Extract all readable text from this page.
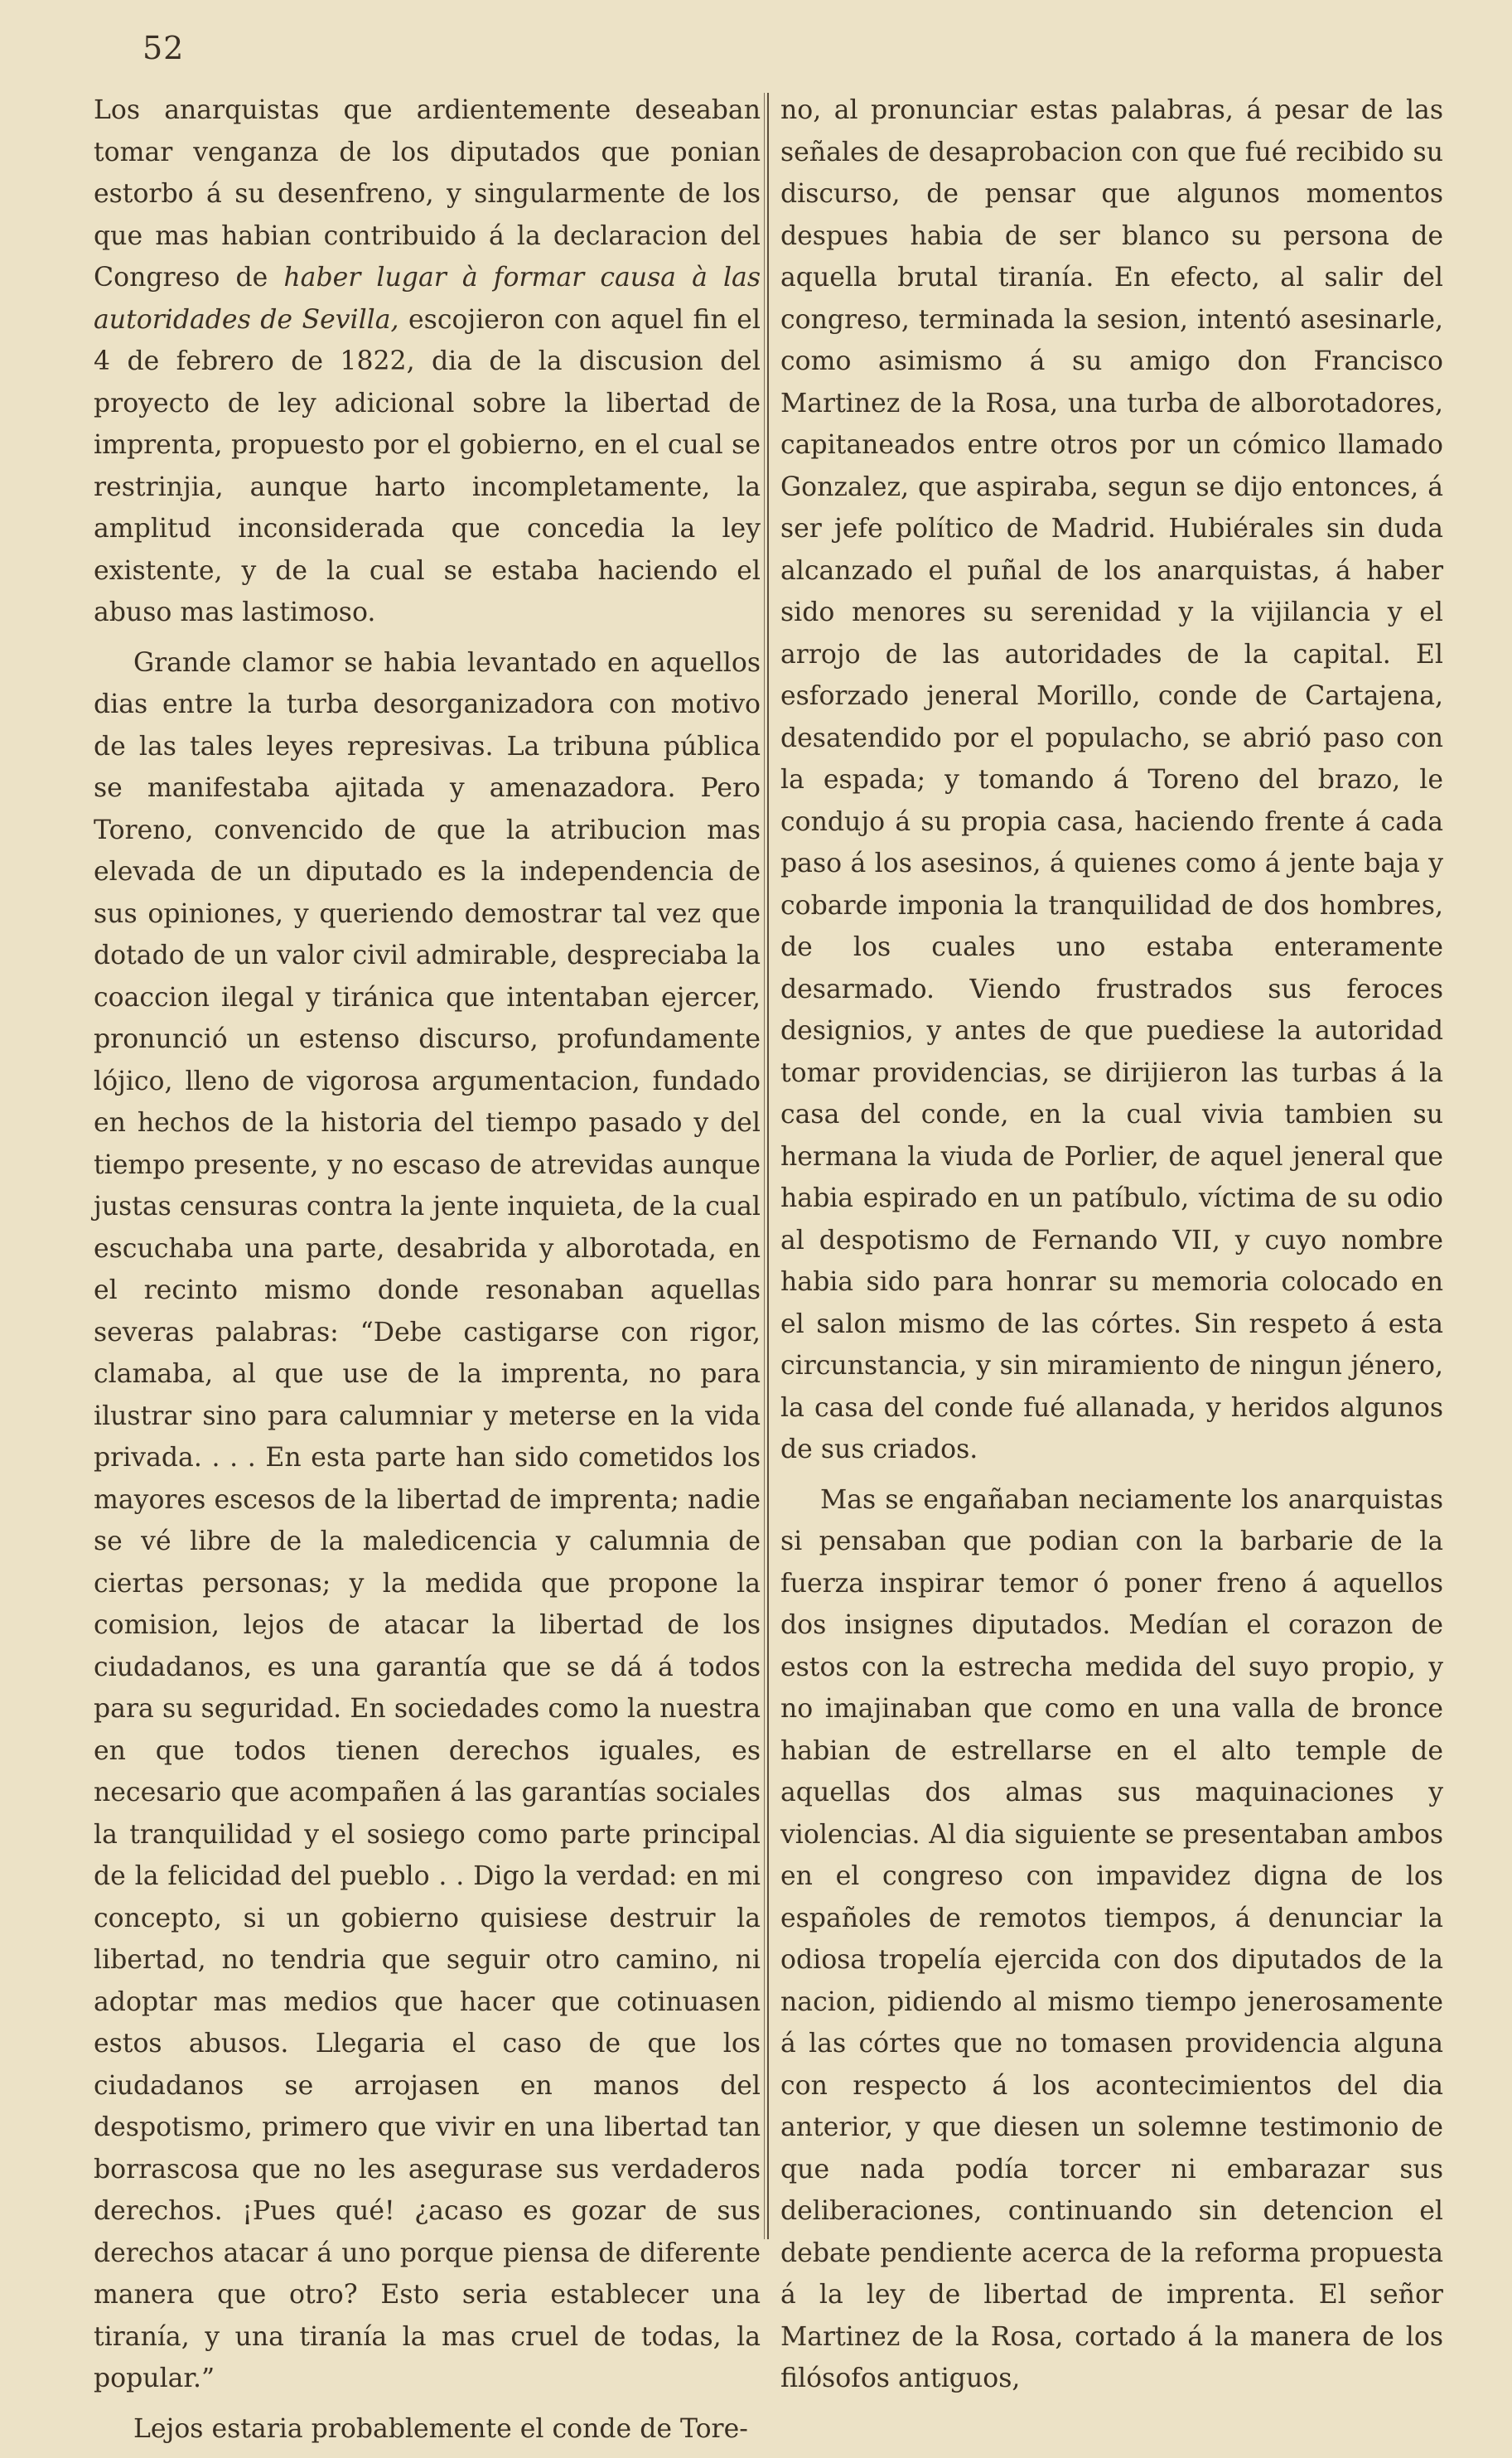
52

Los anarquistas que ardientemente deseaban tomar venganza de los diputados que ponian estorbo á su desenfreno, y singularmente de los que mas habian contribuido á la declaracion del Congreso de haber lugar à formar causa à las autoridades de Sevilla, escojieron con aquel fin el 4 de febrero de 1822, dia de la discusion del proyecto de ley adicional sobre la libertad de imprenta, propuesto por el gobierno, en el cual se restrinjia, aunque harto incompletamente, la amplitud inconsiderada que concedia la ley existente, y de la cual se estaba haciendo el abuso mas lastimoso.

Grande clamor se habia levantado en aquellos dias entre la turba desorganizadora con motivo de las tales leyes represivas. La tribuna pública se manifestaba ajitada y amenazadora. Pero Toreno, convencido de que la atribucion mas elevada de un diputado es la independencia de sus opiniones, y queriendo demostrar tal vez que dotado de un valor civil admirable, despreciaba la coaccion ilegal y tiránica que intentaban ejercer, pronunció un estenso discurso, profundamente lójico, lleno de vigorosa argumentacion, fundado en hechos de la historia del tiempo pasado y del tiempo presente, y no escaso de atrevidas aunque justas censuras contra la jente inquieta, de la cual escuchaba una parte, desabrida y alborotada, en el recinto mismo donde resonaban aquellas severas palabras: “Debe castigarse con rigor, clamaba, al que use de la imprenta, no para ilustrar sino para calumniar y meterse en la vida privada. . . . En esta parte han sido cometidos los mayores escesos de la libertad de imprenta; nadie se vé libre de la maledicencia y calumnia de ciertas personas; y la medida que propone la comision, lejos de atacar la libertad de los ciudadanos, es una garantía que se dá á todos para su seguridad. En sociedades como la nuestra en que todos tienen derechos iguales, es necesario que acompañen á las garantías sociales la tranquilidad y el sosiego como parte principal de la felicidad del pueblo . . Digo la verdad: en mi concepto, si un gobierno quisiese destruir la libertad, no tendria que seguir otro camino, ni adoptar mas medios que hacer que cotinuasen estos abusos. Llegaria el caso de que los ciudadanos se arrojasen en manos del despotismo, primero que vivir en una libertad tan borrascosa que no les asegurase sus verdaderos derechos. ¡Pues qué! ¿acaso es gozar de sus derechos atacar á uno porque piensa de diferente manera que otro? Esto seria establecer una tiranía, y una tiranía la mas cruel de todas, la popular.”

Lejos estaria probablemente el conde de Tore-

no, al pronunciar estas palabras, á pesar de las señales de desaprobacion con que fué recibido su discurso, de pensar que algunos momentos despues habia de ser blanco su persona de aquella brutal tiranía. En efecto, al salir del congreso, terminada la sesion, intentó asesinarle, como asimismo á su amigo don Francisco Martinez de la Rosa, una turba de alborotadores, capitaneados entre otros por un cómico llamado Gonzalez, que aspiraba, segun se dijo entonces, á ser jefe político de Madrid. Hubiérales sin duda alcanzado el puñal de los anarquistas, á haber sido menores su serenidad y la vijilancia y el arrojo de las autoridades de la capital. El esforzado jeneral Morillo, conde de Cartajena, desatendido por el populacho, se abrió paso con la espada; y tomando á Toreno del brazo, le condujo á su propia casa, haciendo frente á cada paso á los asesinos, á quienes como á jente baja y cobarde imponia la tranquilidad de dos hombres, de los cuales uno estaba enteramente desarmado. Viendo frustrados sus feroces designios, y antes de que puediese la autoridad tomar providencias, se dirijieron las turbas á la casa del conde, en la cual vivia tambien su hermana la viuda de Porlier, de aquel jeneral que habia espirado en un patíbulo, víctima de su odio al despotismo de Fernando VII, y cuyo nombre habia sido para honrar su memoria colocado en el salon mismo de las córtes. Sin respeto á esta circunstancia, y sin miramiento de ningun jénero, la casa del conde fué allanada, y heridos algunos de sus criados.

Mas se engañaban neciamente los anarquistas si pensaban que podian con la barbarie de la fuerza inspirar temor ó poner freno á aquellos dos insignes diputados. Medían el corazon de estos con la estrecha medida del suyo propio, y no imajinaban que como en una valla de bronce habian de estrellarse en el alto temple de aquellas dos almas sus maquinaciones y violencias. Al dia siguiente se presentaban ambos en el congreso con impavidez digna de los españoles de remotos tiempos, á denunciar la odiosa tropelía ejercida con dos diputados de la nacion, pidiendo al mismo tiempo jenerosamente á las córtes que no tomasen providencia alguna con respecto á los acontecimientos del dia anterior, y que diesen un solemne testimonio de que nada podía torcer ni embarazar sus deliberaciones, continuando sin detencion el debate pendiente acerca de la reforma propuesta á la ley de libertad de imprenta. El señor Martinez de la Rosa, cortado á la manera de los filósofos antiguos,
